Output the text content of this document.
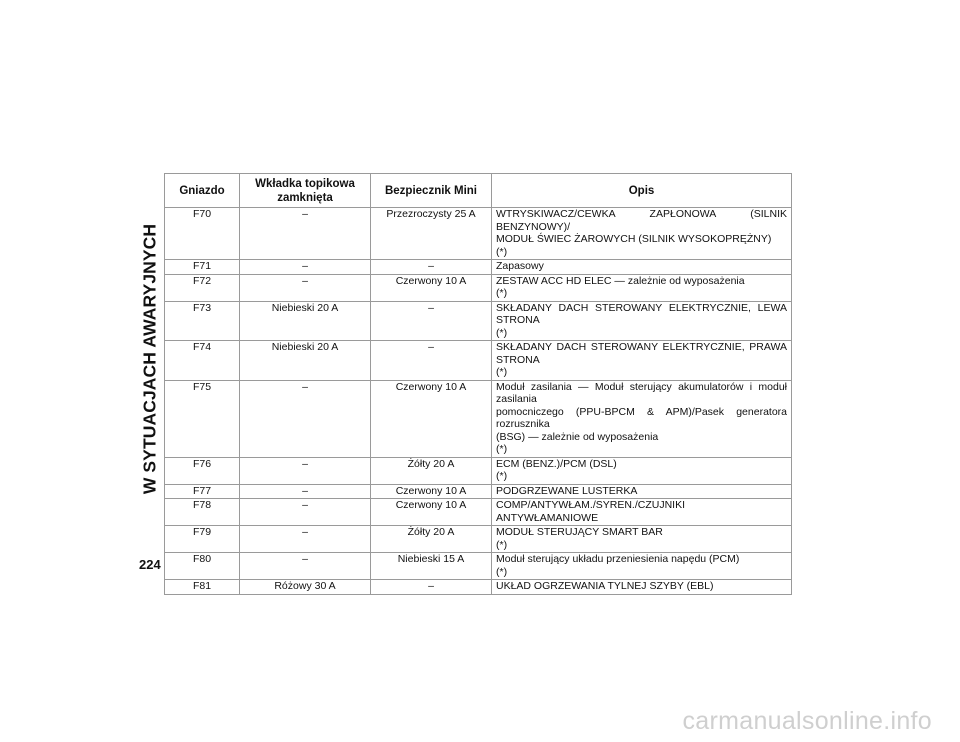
W SYTUACJACH AWARYJNYCH
224
Gniazdo	Wkładka topikowa zamknięta	Bezpiecznik Mini	Opis
F70	–	Przezroczysty 25 A	WTRYSKIWACZ/CEWKA ZAPŁONOWA (SILNIK BENZYNOWY)/
MODUŁ ŚWIEC ŻAROWYCH (SILNIK WYSOKOPRĘŻNY)
(*)

F71	–	–	Zapasowy

F72	–	Czerwony 10 A	ZESTAW ACC HD ELEC — zależnie od wyposażenia
(*)

F73	Niebieski 20 A	–	SKŁADANY DACH STEROWANY ELEKTRYCZNIE, LEWA
STRONA
(*)

F74	Niebieski 20 A	–	SKŁADANY DACH STEROWANY ELEKTRYCZNIE, PRAWA
STRONA
(*)

F75	–	Czerwony 10 A	Moduł zasilania — Moduł sterujący akumulatorów i moduł zasilania
pomocniczego (PPU-BPCM & APM)/Pasek generatora rozrusznika
(BSG) — zależnie od wyposażenia
(*)

F76	–	Żółty 20 A	ECM (BENZ.)/PCM (DSL)
(*)

F77	–	Czerwony 10 A	PODGRZEWANE LUSTERKA

F78	–	Czerwony 10 A	COMP/ANTYWŁAM./SYREN./CZUJNIKI ANTYWŁAMANIOWE

F79	–	Żółty 20 A	MODUŁ STERUJĄCY SMART BAR
(*)

F80	–	Niebieski 15 A	Moduł sterujący układu przeniesienia napędu (PCM)
(*)

F81	Różowy 30 A	–	UKŁAD OGRZEWANIA TYLNEJ SZYBY (EBL)
carmanualsonline.info
